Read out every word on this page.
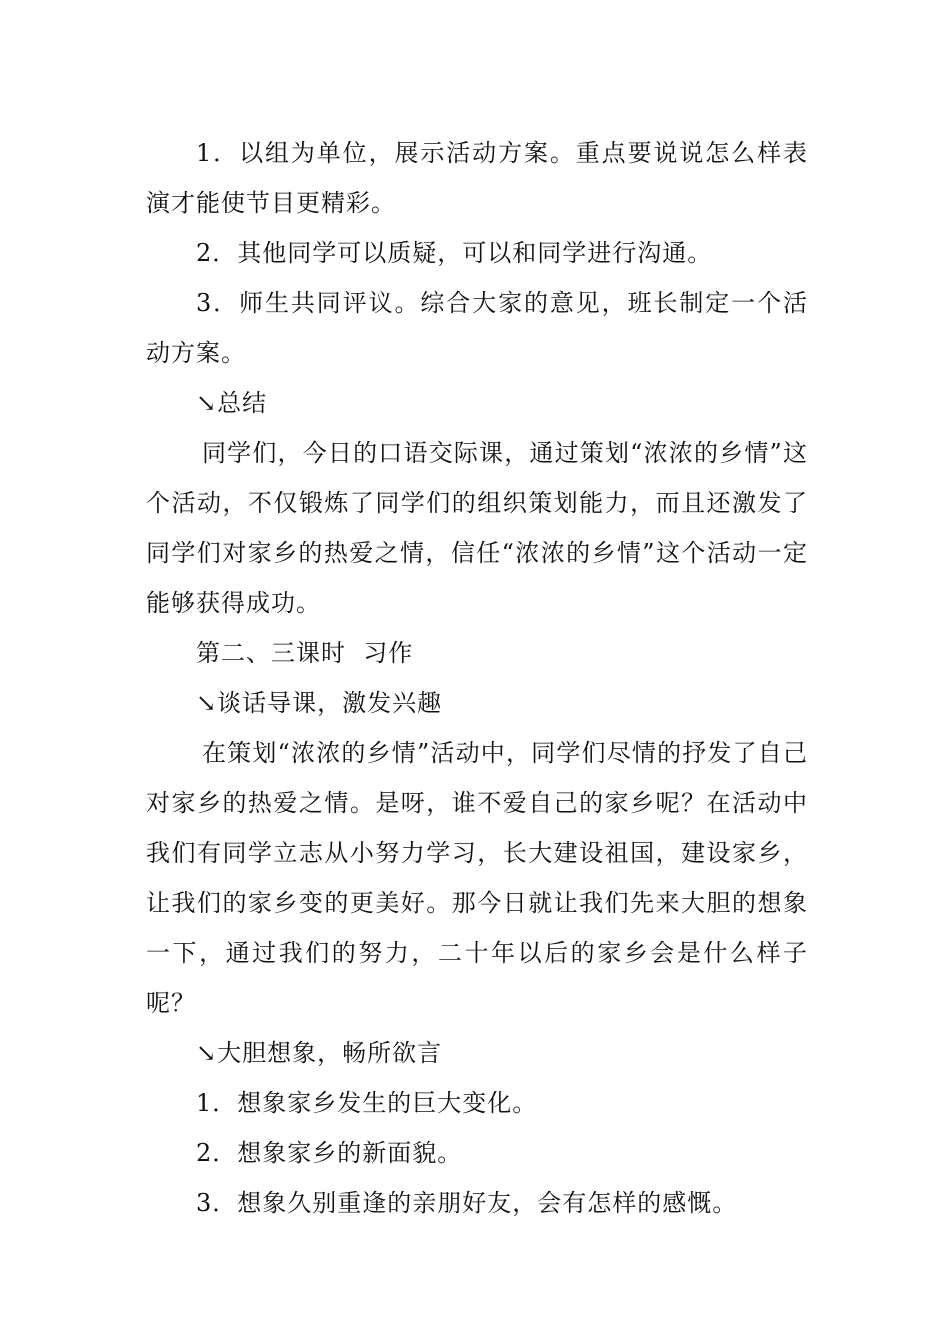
1．以组为单位，展示活动方案。重点要说说怎么样表演才能使节目更精彩。

2．其他同学可以质疑，可以和同学进行沟通。

3．师生共同评议。综合大家的意见，班长制定一个活动方案。

↘总结

同学们，今日的口语交际课，通过策划“浓浓的乡情”这个活动，不仅锻炼了同学们的组织策划能力，而且还激发了同学们对家乡的热爱之情，信任“浓浓的乡情”这个活动一定能够获得成功。

第二、三课时  习作

↘谈话导课，激发兴趣

在策划“浓浓的乡情”活动中，同学们尽情的抒发了自己对家乡的热爱之情。是呀，谁不爱自己的家乡呢？在活动中我们有同学立志从小努力学习，长大建设祖国，建设家乡，让我们的家乡变的更美好。那今日就让我们先来大胆的想象一下，通过我们的努力，二十年以后的家乡会是什么样子呢？

↘大胆想象，畅所欲言

1．想象家乡发生的巨大变化。

2．想象家乡的新面貌。

3．想象久别重逢的亲朋好友，会有怎样的感慨。
